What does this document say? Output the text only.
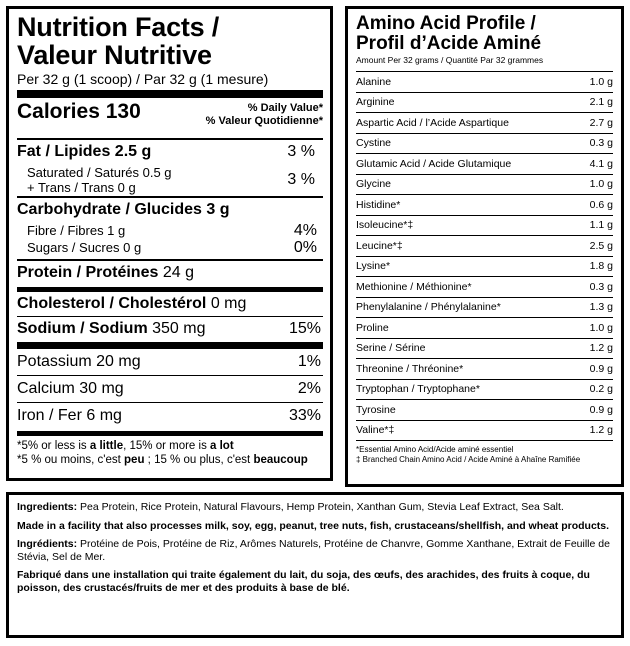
Nutrition Facts /
Valeur Nutritive
Per 32 g (1 scoop) / Par 32 g (1 mesure)
Calories 130	% Daily Value*
% Valeur Quotidienne*
Fat / Lipides 2.5 g	3 %
Saturated / Saturés 0.5 g
+ Trans / Trans 0 g	3 %
Carbohydrate / Glucides 3 g
Fibre / Fibres 1 g	4%
Sugars / Sucres 0 g	0%
Protein / Protéines 24 g
Cholesterol / Cholestérol 0 mg
Sodium / Sodium 350 mg	15%
Potassium 20 mg	1%
Calcium 30 mg	2%
Iron / Fer 6 mg	33%
*5% or less is a little, 15% or more is a lot
*5 % ou moins, c'est peu ; 15 % ou plus, c'est beaucoup
Amino Acid Profile /
Profil d’Acide Aminé
Amount Per 32 grams / Quantité Par 32 grammes
Alanine	1.0 g
Arginine	2.1 g
Aspartic Acid / l’Acide Aspartique	2.7 g
Cystine	0.3 g
Glutamic Acid / Acide Glutamique	4.1 g
Glycine	1.0 g
Histidine*	0.6 g
Isoleucine*‡	1.1 g
Leucine*‡	2.5 g
Lysine*	1.8 g
Methionine / Méthionine*	0.3 g
Phenylalanine / Phénylalanine*	1.3 g
Proline	1.0 g
Serine / Sérine	1.2 g
Threonine / Thréonine*	0.9 g
Tryptophan / Tryptophane*	0.2 g
Tyrosine	0.9 g
Valine*‡	1.2 g
*Essential Amino Acid/Acide aminé essentiel
‡ Branched Chain Amino Acid / Acide Aminé à Ahaîne Ramifiée

Ingredients: Pea Protein, Rice Protein, Natural Flavours, Hemp Protein, Xanthan Gum, Stevia Leaf Extract, Sea Salt.

Made in a facility that also processes milk, soy, egg, peanut, tree nuts, fish, crustaceans/shellfish, and wheat products.

Ingrédients: Protéine de Pois, Protéine de Riz, Arômes Naturels, Protéine de Chanvre, Gomme Xanthane, Extrait de Feuille de Stévia, Sel de Mer.

Fabriqué dans une installation qui traite également du lait, du soja, des œufs, des arachides, des fruits à coque, du poisson, des crustacés/fruits de mer et des produits à base de blé.
